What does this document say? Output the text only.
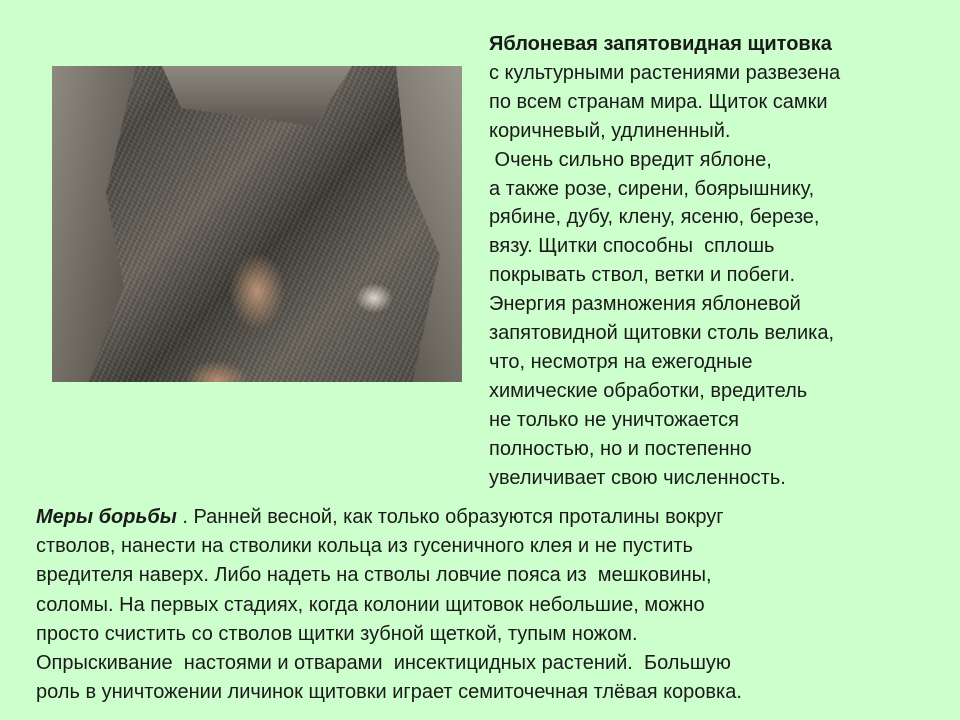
Яблоневая запятовидная щитовка
с культурными растениями развезена
по всем странам мира. Щиток самки
коричневый, удлиненный.
Очень сильно вредит яблоне,
а также розе, сирени, боярышнику,
рябине, дубу, клену, ясеню, березе,
вязу. Щитки способны  сплошь
покрывать ствол, ветки и побеги.
Энергия размножения яблоневой
запятовидной щитовки столь велика,
что, несмотря на ежегодные
химические обработки, вредитель
не только не уничтожается
полностью, но и постепенно
увеличивает свою численность.
Меры борьбы . Ранней весной, как только образуются проталины вокруг
стволов, нанести на стволики кольца из гусеничного клея и не пустить
вредителя наверх. Либо надеть на стволы ловчие пояса из  мешковины,
соломы. На первых стадиях, когда колонии щитовок небольшие, можно
просто счистить со стволов щитки зубной щеткой, тупым ножом.
Опрыскивание  настоями и отварами  инсектицидных растений.  Большую
роль в уничтожении личинок щитовки играет семиточечная тлёвая коровка.
